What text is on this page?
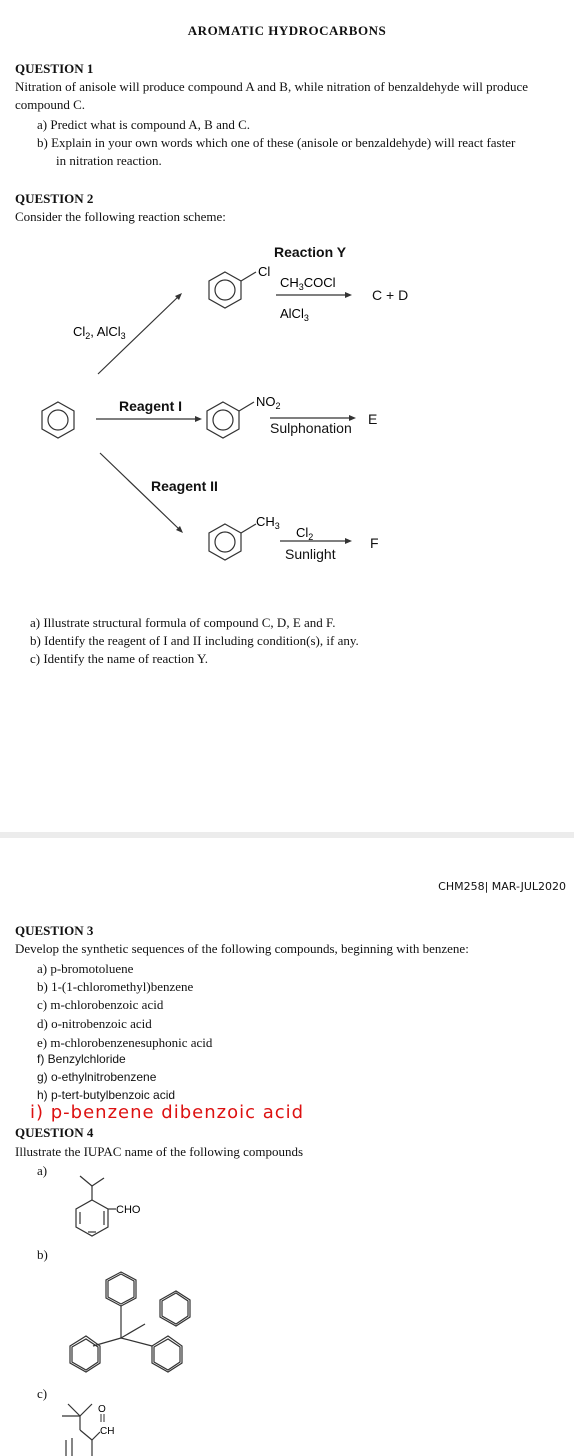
AROMATIC HYDROCARBONS
QUESTION 1
Nitration of anisole will produce compound A and B, while nitration of benzaldehyde will produce
compound C.
a) Predict what is compound A, B and C.
b) Explain in your own words which one of these (anisole or benzaldehyde) will react faster
in nitration reaction.
QUESTION 2
Consider the following reaction scheme:
Cl
$NO_2$
$CH_3$
$Cl_2$, AlCl$_3$
$CH_3COCl$
AlCl$_3$
$Cl_2$
Reaction Y
C + D
Reagent I
Sulphonation
E
Reagent II
Sunlight
F
a) Illustrate structural formula of compound C, D, E and F.
b) Identify the reagent of I and II including condition(s), if any.
c) Identify the name of reaction Y.
CHM258| MAR-JUL2020
QUESTION 3
Develop the synthetic sequences of the following compounds, beginning with benzene:
a) p-bromotoluene
b) 1-(1-chloromethyl)benzene
c) m-chlorobenzoic acid
d) o-nitrobenzoic acid
e) m-chlorobenzenesuphonic acid
f) Benzylchloride
g) o-ethylnitrobenzene
h) p-tert-butylbenzoic acid
i) p-benzene dibenzoic acid
QUESTION 4
Illustrate the IUPAC name of the following compounds
a)
b)
c)
CHO
O
CH
